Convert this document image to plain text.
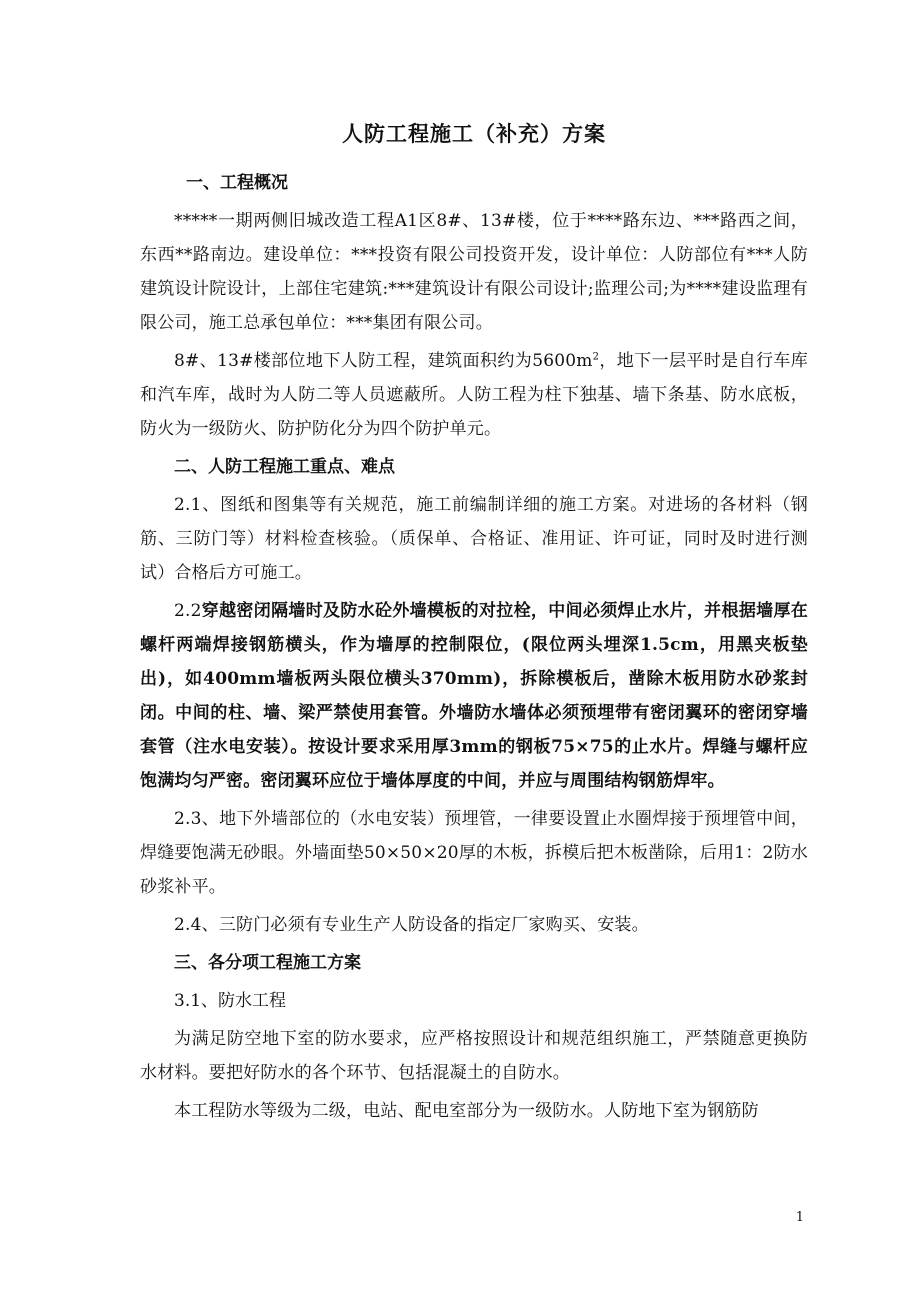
人防工程施工（补充）方案
一、工程概况
*****一期两侧旧城改造工程A1区8#、13#楼，位于****路东边、***路西之间，东西**路南边。建设单位：***投资有限公司投资开发，设计单位：人防部位有***人防建筑设计院设计，上部住宅建筑:***建筑设计有限公司设计;监理公司;为****建设监理有限公司，施工总承包单位：***集团有限公司。
8#、13#楼部位地下人防工程，建筑面积约为$5600m^2$，地下一层平时是自行车库和汽车库，战时为人防二等人员遮蔽所。人防工程为柱下独基、墙下条基、防水底板，防火为一级防火、防护防化分为四个防护单元。
二、人防工程施工重点、难点
2.1、图纸和图集等有关规范，施工前编制详细的施工方案。对进场的各材料（钢筋、三防门等）材料检查核验。（质保单、合格证、准用证、许可证，同时及时进行测试）合格后方可施工。
2.2穿越密闭隔墙时及防水砼外墙模板的对拉栓，中间必须焊止水片，并根据墙厚在螺杆两端焊接钢筋横头，作为墙厚的控制限位，(限位两头埋深1.5cm，用黑夹板垫出)，如400mm墙板两头限位横头370mm)，拆除模板后，凿除木板用防水砂浆封闭。中间的柱、墙、梁严禁使用套管。外墙防水墙体必须预埋带有密闭翼环的密闭穿墙套管（注水电安装）。按设计要求采用厚3mm的钢板75×75的止水片。焊缝与螺杆应饱满均匀严密。密闭翼环应位于墙体厚度的中间，并应与周围结构钢筋焊牢。
2.3、地下外墙部位的（水电安装）预埋管，一律要设置止水圈焊接于预埋管中间，焊缝要饱满无砂眼。外墙面垫50×50×20厚的木板，拆模后把木板凿除，后用1：2防水砂浆补平。
2.4、三防门必须有专业生产人防设备的指定厂家购买、安装。
三、各分项工程施工方案
3.1、防水工程
为满足防空地下室的防水要求，应严格按照设计和规范组织施工，严禁随意更换防水材料。要把好防水的各个环节、包括混凝土的自防水。
本工程防水等级为二级，电站、配电室部分为一级防水。人防地下室为钢筋防
1
